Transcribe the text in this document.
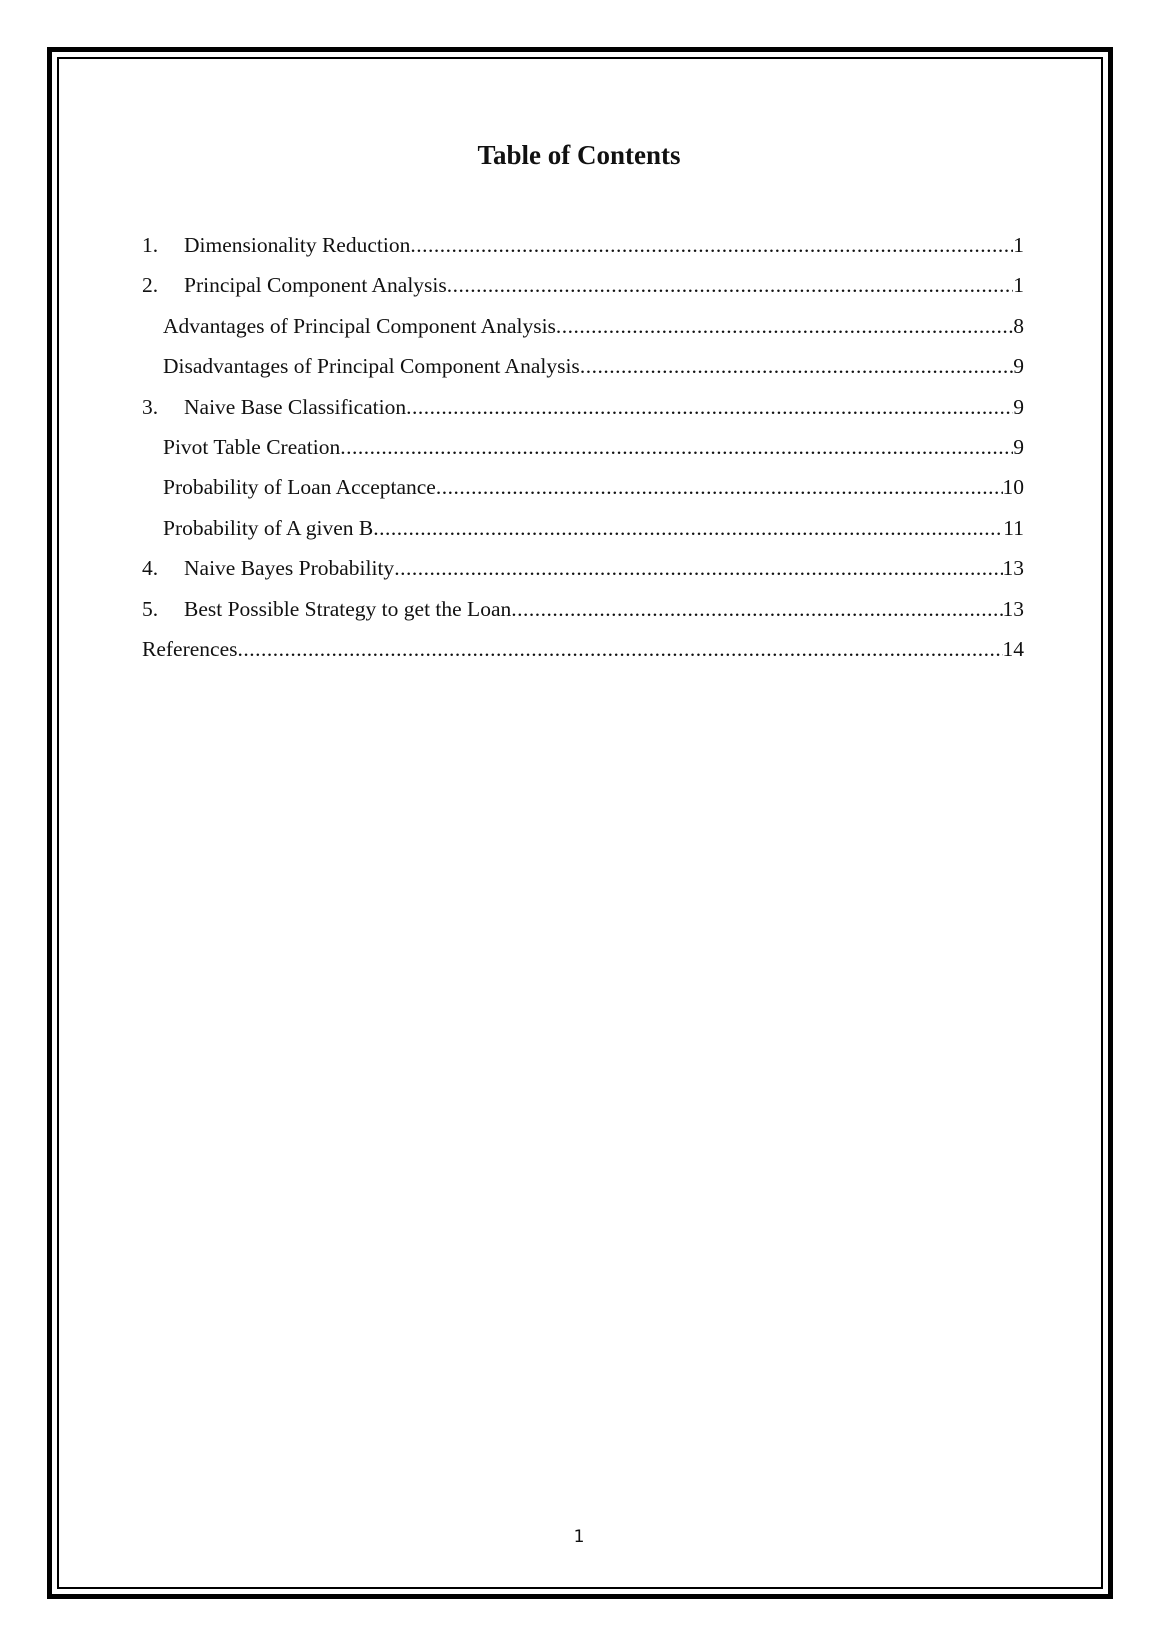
Table of Contents
1.	Dimensionality Reduction .....	1
2.	Principal Component Analysis .....	1
Advantages of Principal Component Analysis .....	8
Disadvantages of Principal Component Analysis .....	9
3.	Naive Base Classification .....	9
Pivot Table Creation .....	9
Probability of Loan Acceptance .....	10
Probability of A given B .....	11
4.	Naive Bayes Probability .....	13
5.	Best Possible Strategy to get the Loan .....	13
References .....	14
1
